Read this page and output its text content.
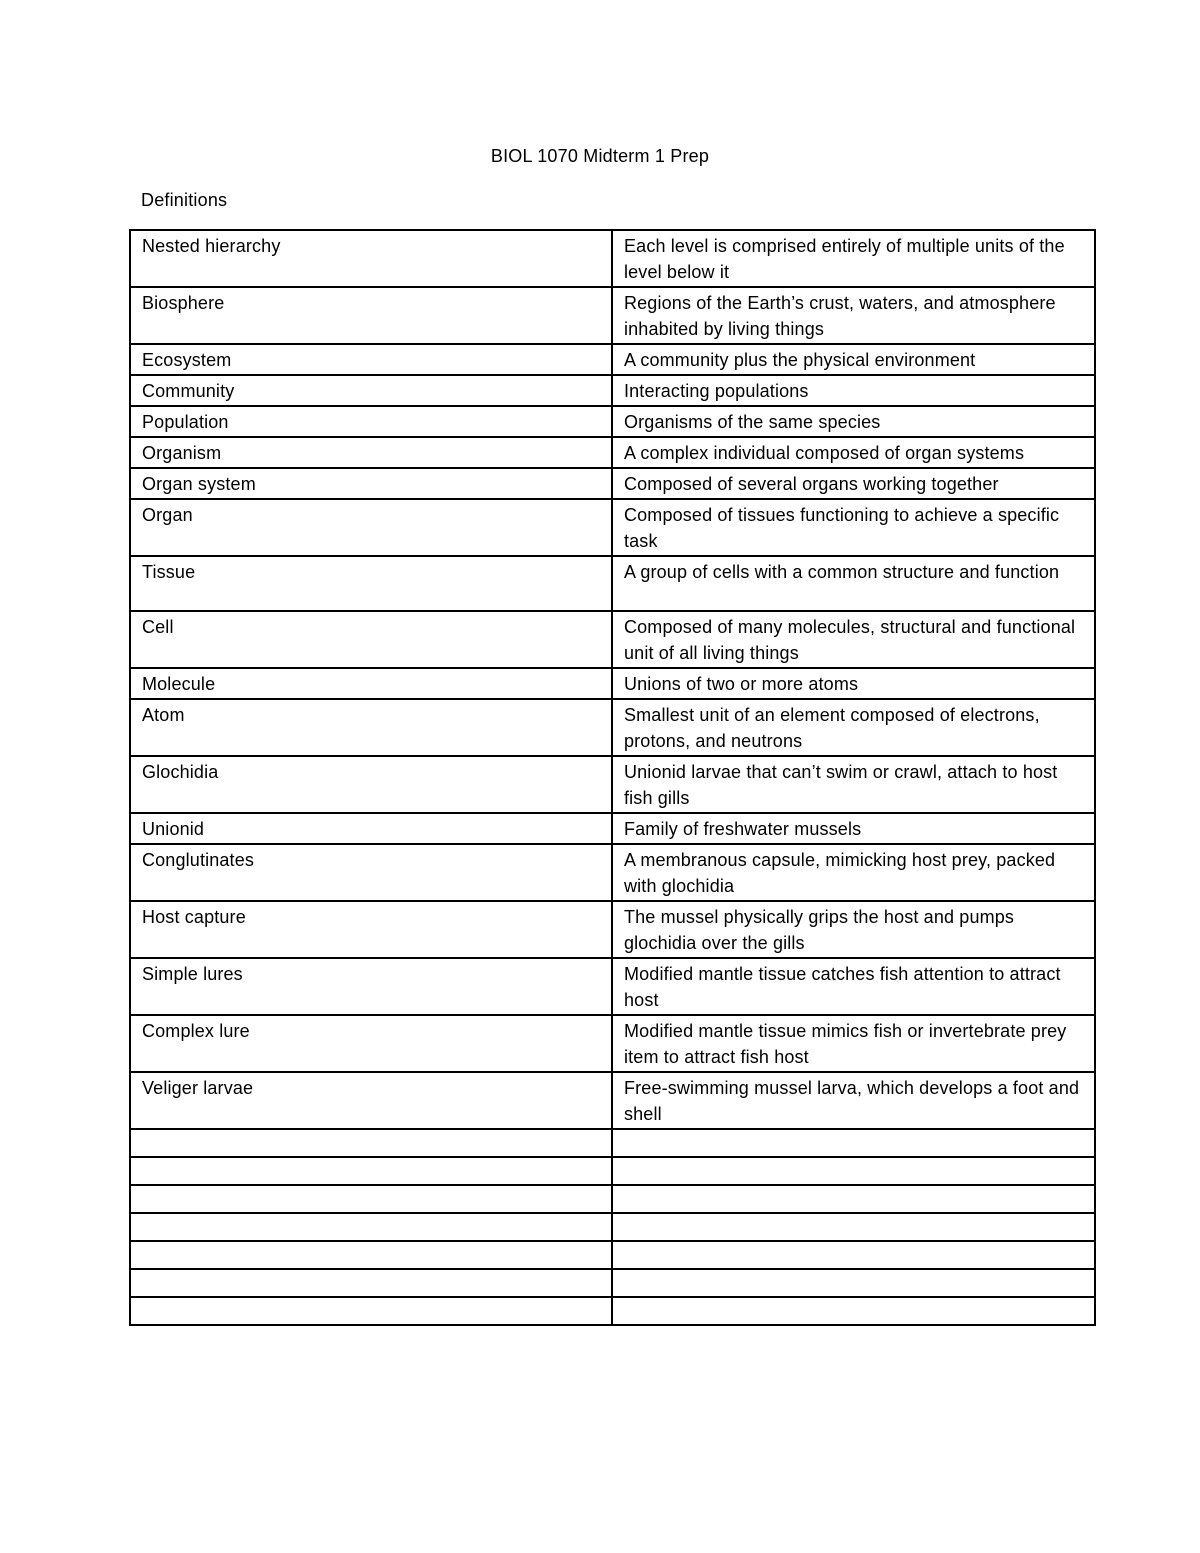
BIOL 1070 Midterm 1 Prep
Definitions
Nested hierarchy	Each level is comprised entirely of multiple units of the level below it
Biosphere	Regions of the Earth’s crust, waters, and atmosphere inhabited by living things
Ecosystem	A community plus the physical environment
Community	Interacting populations
Population	Organisms of the same species
Organism	A complex individual composed of organ systems
Organ system	Composed of several organs working together
Organ	Composed of tissues functioning to achieve a specific task
Tissue	A group of cells with a common structure and function
Cell	Composed of many molecules, structural and functional unit of all living things
Molecule	Unions of two or more atoms
Atom	Smallest unit of an element composed of electrons, protons, and neutrons
Glochidia	Unionid larvae that can’t swim or crawl, attach to host fish gills
Unionid	Family of freshwater mussels
Conglutinates	A membranous capsule, mimicking host prey, packed with glochidia
Host capture	The mussel physically grips the host and pumps glochidia over the gills
Simple lures	Modified mantle tissue catches fish attention to attract host
Complex lure	Modified mantle tissue mimics fish or invertebrate prey item to attract fish host
Veliger larvae	Free-swimming mussel larva, which develops a foot and shell
